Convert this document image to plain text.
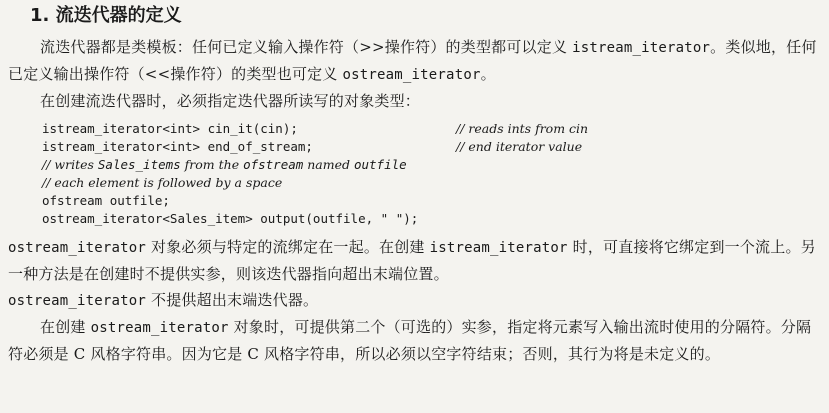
1. 流迭代器的定义

流迭代器都是类模板：任何已定义输入操作符（>>操作符）的类型都可以定义 istream_iterator。类似地，任何已定义输出操作符（<<操作符）的类型也可定义 ostream_iterator。

在创建流迭代器时，必须指定迭代器所读写的对象类型：

istream_iterator<int> cin_it(cin);	// reads ints from cin
istream_iterator<int> end_of_stream;	// end iterator value
// writes Sales_items from the ofstream named outfile
// each element is followed by a space
ofstream outfile;
ostream_iterator<Sales_item> output(outfile, " ");

ostream_iterator 对象必须与特定的流绑定在一起。在创建 istream_iterator 时，可直接将它绑定到一个流上。另一种方法是在创建时不提供实参，则该迭代器指向超出末端位置。
ostream_iterator 不提供超出末端迭代器。

在创建 ostream_iterator 对象时，可提供第二个（可选的）实参，指定将元素写入输出流时使用的分隔符。分隔符必须是 C 风格字符串。因为它是 C 风格字符串，所以必须以空字符结束；否则，其行为将是未定义的。
